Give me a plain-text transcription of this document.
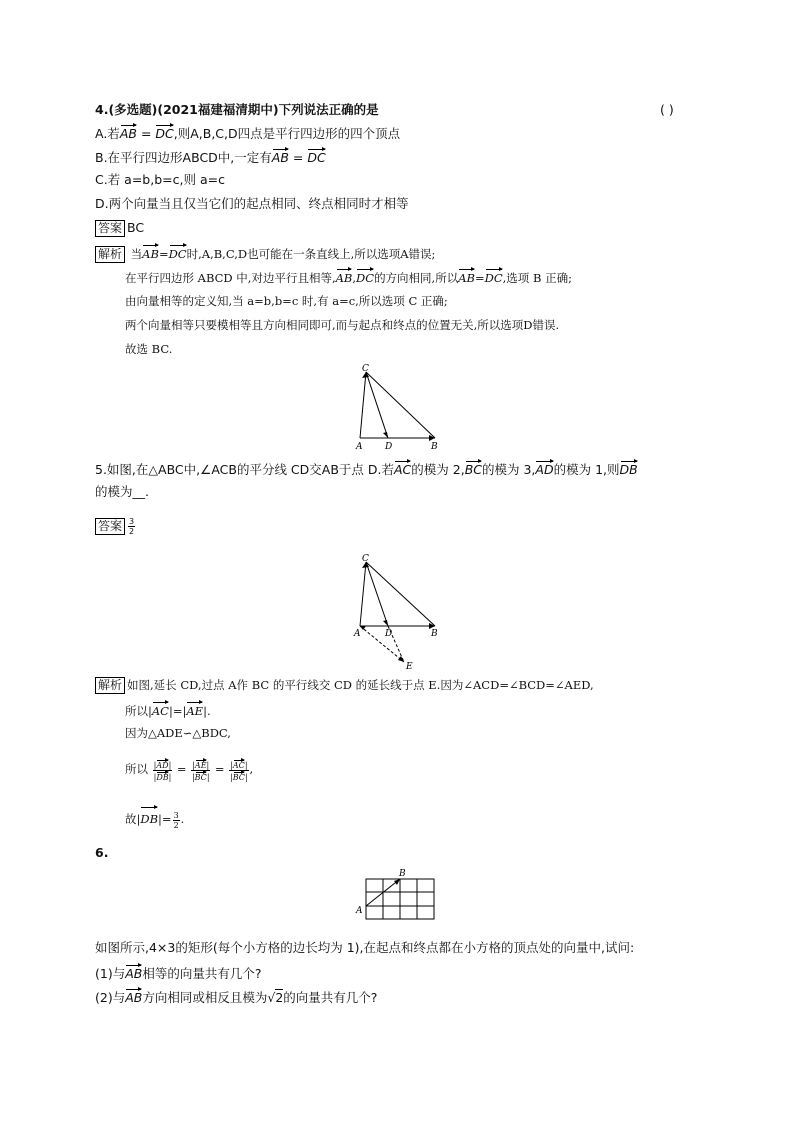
4.(多选题)(2021福建福清期中)下列说法正确的是	( )
A.若AB = DC,则A,B,C,D四点是平行四边形的四个顶点
B.在平行四边形ABCD中,一定有AB = DC
C.若 a=b,b=c,则 a=c
D.两个向量当且仅当它们的起点相同、终点相同时才相等
答案 BC
解析 当AB=DC时,A,B,C,D也可能在一条直线上,所以选项A错误;
在平行四边形 ABCD 中,对边平行且相等,AB,DC的方向相同,所以AB=DC,选项 B 正确;
由向量相等的定义知,当 a=b,b=c 时,有 a=c,所以选项 C 正确;
两个向量相等只要模相等且方向相同即可,而与起点和终点的位置无关,所以选项D错误.
故选 BC.
C
A	D	B
5.如图,在△ABC中,∠ACB的平分线 CD交AB于点 D.若AC的模为 2,BC的模为 3,AD的模为 1,则DB
的模为__.
答案 $\frac{3}{2}$
C
A	D	B
E
解析 如图,延长 CD,过点 A作 BC 的平行线交 CD 的延长线于点 E.因为∠ACD=∠BCD=∠AED,
所以|AC|=|AE|.
因为△ADE∽△BDC,
所以 $\frac{|AD|}{|DB|} = \frac{|AE|}{|BC|} = \frac{|AC|}{|BC|}$ ,
故$|DB|= \frac{3}{2}$ .
6.
B
A
如图所示,4×3的矩形(每个小方格的边长均为 1),在起点和终点都在小方格的顶点处的向量中,试问:
(1)与AB相等的向量共有几个?
(2)与AB方向相同或相反且模为√2的向量共有几个?
